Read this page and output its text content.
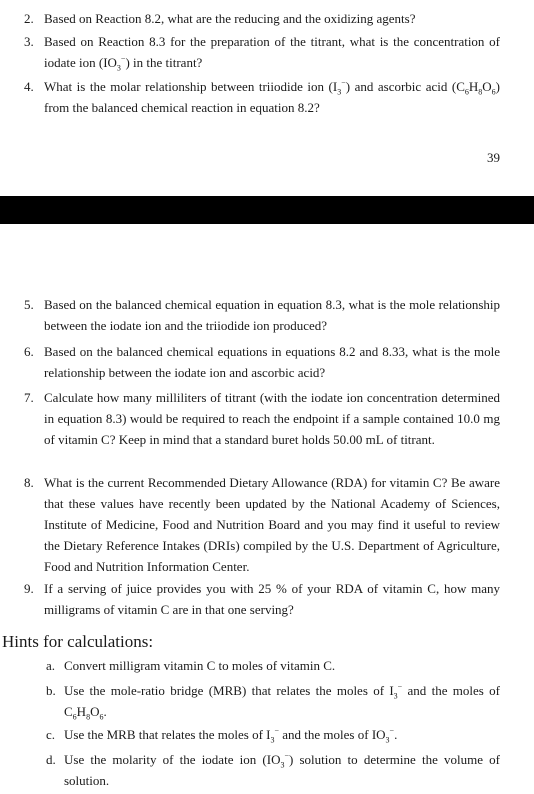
2. Based on Reaction 8.2, what are the reducing and the oxidizing agents?
3. Based on Reaction 8.3 for the preparation of the titrant, what is the concentration of iodate ion $(IO_3^-)$ in the titrant?
4. What is the molar relationship between triiodide ion $(I_3^-)$ and ascorbic acid $(C_6H_8O_6)$ from the balanced chemical reaction in equation 8.2?
39
5. Based on the balanced chemical equation in equation 8.3, what is the mole relationship between the iodate ion and the triiodide ion produced?
6. Based on the balanced chemical equations in equations 8.2 and 8.33, what is the mole relationship between the iodate ion and ascorbic acid?
7. Calculate how many milliliters of titrant (with the iodate ion concentration determined in equation 8.3) would be required to reach the endpoint if a sample contained 10.0 mg of vitamin C? Keep in mind that a standard buret holds 50.00 mL of titrant.
8. What is the current Recommended Dietary Allowance (RDA) for vitamin C? Be aware that these values have recently been updated by the National Academy of Sciences, Institute of Medicine, Food and Nutrition Board and you may find it useful to review the Dietary Reference Intakes (DRIs) compiled by the U.S. Department of Agriculture, Food and Nutrition Information Center.
9. If a serving of juice provides you with 25 % of your RDA of vitamin C, how many milligrams of vitamin C are in that one serving?
Hints for calculations:
a. Convert milligram vitamin C to moles of vitamin C.
b. Use the mole-ratio bridge (MRB) that relates the moles of $I_3^-$ and the moles of $C_6H_8O_6$.
c. Use the MRB that relates the moles of $I_3^-$ and the moles of $IO_3^-$.
d. Use the molarity of the iodate ion $(IO_3^-)$ solution to determine the volume of solution.
